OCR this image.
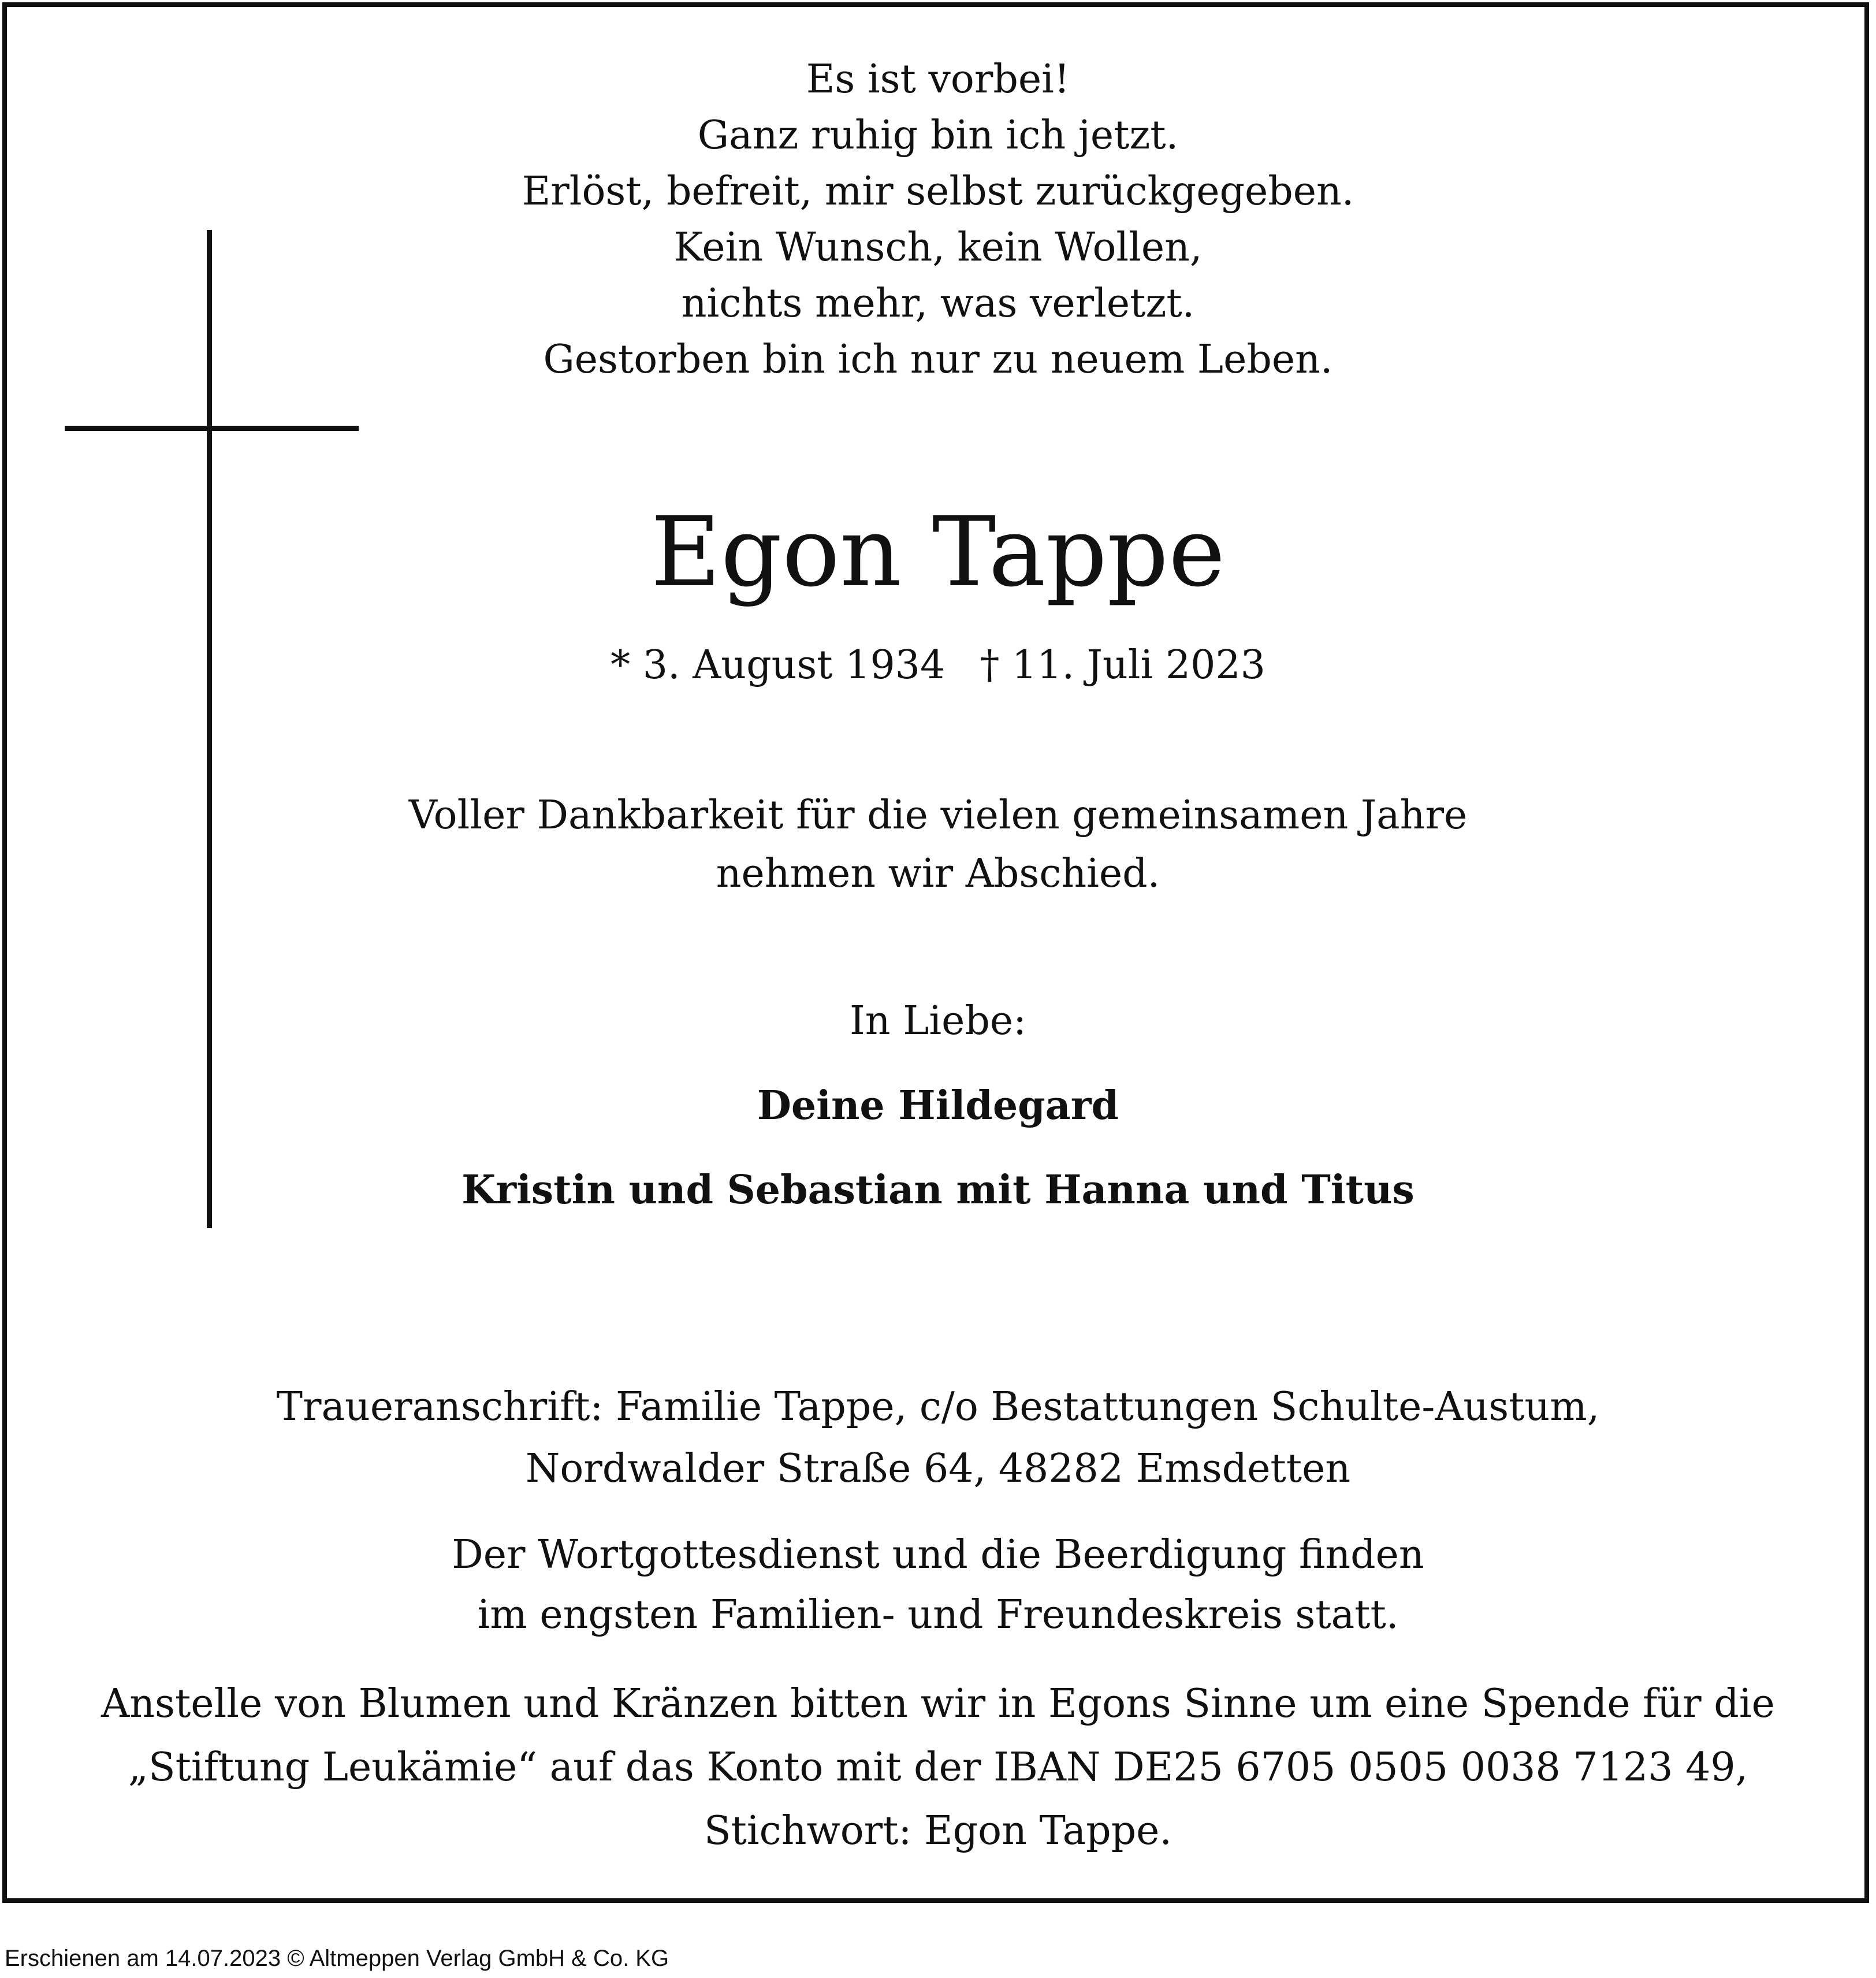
Es ist vorbei!
Ganz ruhig bin ich jetzt.
Erlöst, befreit, mir selbst zurückgegeben.
Kein Wunsch, kein Wollen,
nichts mehr, was verletzt.
Gestorben bin ich nur zu neuem Leben.
Egon Tappe
* 3. August 1934 † 11. Juli 2023
Voller Dankbarkeit für die vielen gemeinsamen Jahre
nehmen wir Abschied.
In Liebe:
Deine Hildegard
Kristin und Sebastian mit Hanna und Titus
Traueranschrift: Familie Tappe, c/o Bestattungen Schulte-Austum,
Nordwalder Straße 64, 48282 Emsdetten
Der Wortgottesdienst und die Beerdigung finden
im engsten Familien- und Freundeskreis statt.
Anstelle von Blumen und Kränzen bitten wir in Egons Sinne um eine Spende für die
„Stiftung Leukämie“ auf das Konto mit der IBAN DE25 6705 0505 0038 7123 49,
Stichwort: Egon Tappe.
Erschienen am 14.07.2023 © Altmeppen Verlag GmbH & Co. KG
